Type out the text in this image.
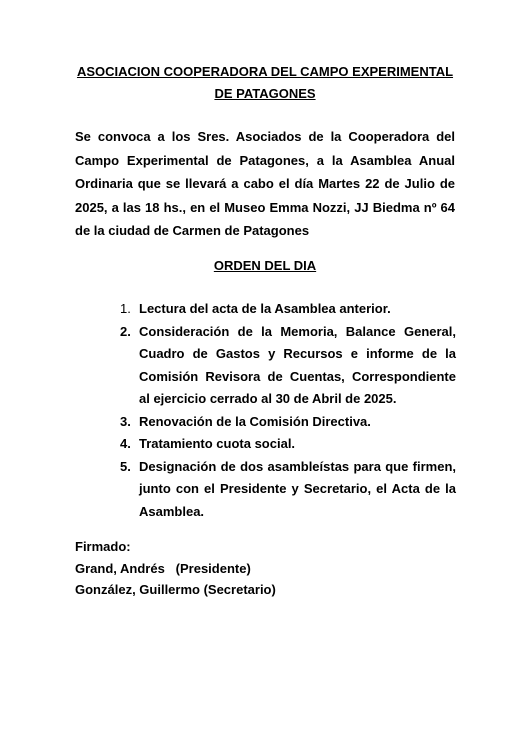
ASOCIACION COOPERADORA DEL CAMPO EXPERIMENTAL
DE PATAGONES
Se convoca a los Sres. Asociados de la Cooperadora del Campo Experimental de Patagones, a la Asamblea Anual Ordinaria que se llevará a cabo el día Martes 22 de Julio de 2025, a las 18 hs., en el Museo Emma Nozzi, JJ Biedma nº 64 de la ciudad de Carmen de Patagones
ORDEN DEL DIA
1. Lectura del acta de la Asamblea anterior.
2. Consideración de la Memoria, Balance General, Cuadro de Gastos y Recursos e informe de la Comisión Revisora de Cuentas, Correspondiente al ejercicio cerrado al 30 de Abril de 2025.
3. Renovación de la Comisión Directiva.
4. Tratamiento cuota social.
5. Designación de dos asambleístas para que firmen, junto con el Presidente y Secretario, el Acta de la Asamblea.
Firmado:
Grand, Andrés   (Presidente)
González, Guillermo (Secretario)
